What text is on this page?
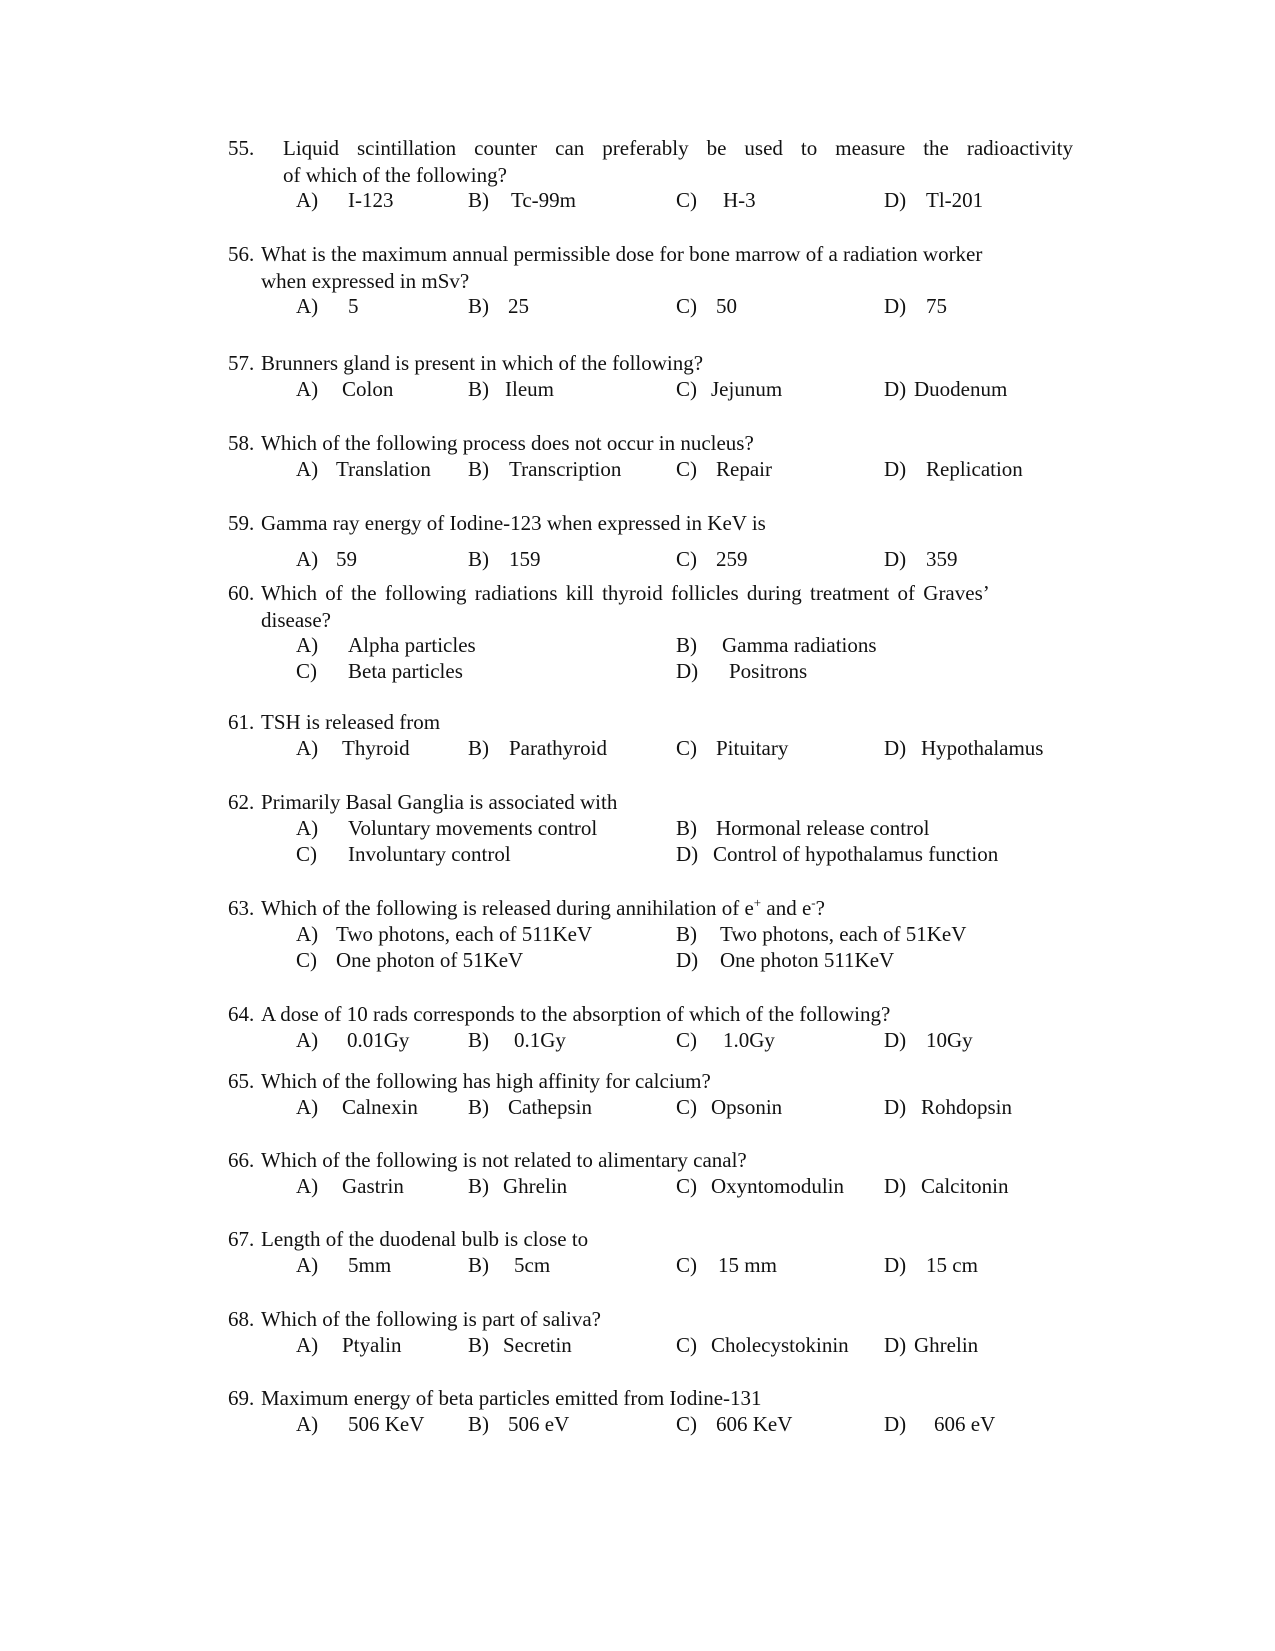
55.	Liquid scintillation counter can preferably be used to measure the radioactivity
of which of the following?
A) I-123	B) Tc-99m	C) H-3	D) Tl-201
56. What is the maximum annual permissible dose for bone marrow of a radiation worker
when expressed in mSv?
A) 5	B) 25	C) 50	D) 75
57. Brunners gland is present in which of the following?
A) Colon	B) Ileum	C) Jejunum	D) Duodenum
58. Which of the following process does not occur in nucleus?
A) Translation B) Transcription	C) Repair	D) Replication
59. Gamma ray energy of Iodine-123 when expressed in KeV is
A) 59	B) 159	C) 259	D) 359
60. Which of the following radiations kill thyroid follicles during treatment of Graves’
disease?
A) Alpha particles	B) Gamma radiations
C) Beta particles	D) Positrons
61. TSH is released from
A) Thyroid	B) Parathyroid	C) Pituitary	D) Hypothalamus
62. Primarily Basal Ganglia is associated with
A) Voluntary movements control	B) Hormonal release control
C) Involuntary control	D) Control of hypothalamus function
63. Which of the following is released during annihilation of e+ and e-?
A) Two photons, each of 511KeV	B) Two photons, each of 51KeV
C) One photon of 51KeV	D) One photon 511KeV
64. A dose of 10 rads corresponds to the absorption of which of the following?
A) 0.01Gy	B) 0.1Gy	C) 1.0Gy	D) 10Gy
65. Which of the following has high affinity for calcium?
A) Calnexin B) Cathepsin	C) Opsonin	D) Rohdopsin
66. Which of the following is not related to alimentary canal?
A) Gastrin	B) Ghrelin	C) Oxyntomodulin D) Calcitonin
67. Length of the duodenal bulb is close to
A) 5mm	B) 5cm	C) 15 mm	D) 15 cm
68. Which of the following is part of saliva?
A) Ptyalin	B) Secretin	C) Cholecystokinin D) Ghrelin
69. Maximum energy of beta particles emitted from Iodine-131
A) 506 KeV B) 506 eV	C) 606 KeV	D) 606 eV
